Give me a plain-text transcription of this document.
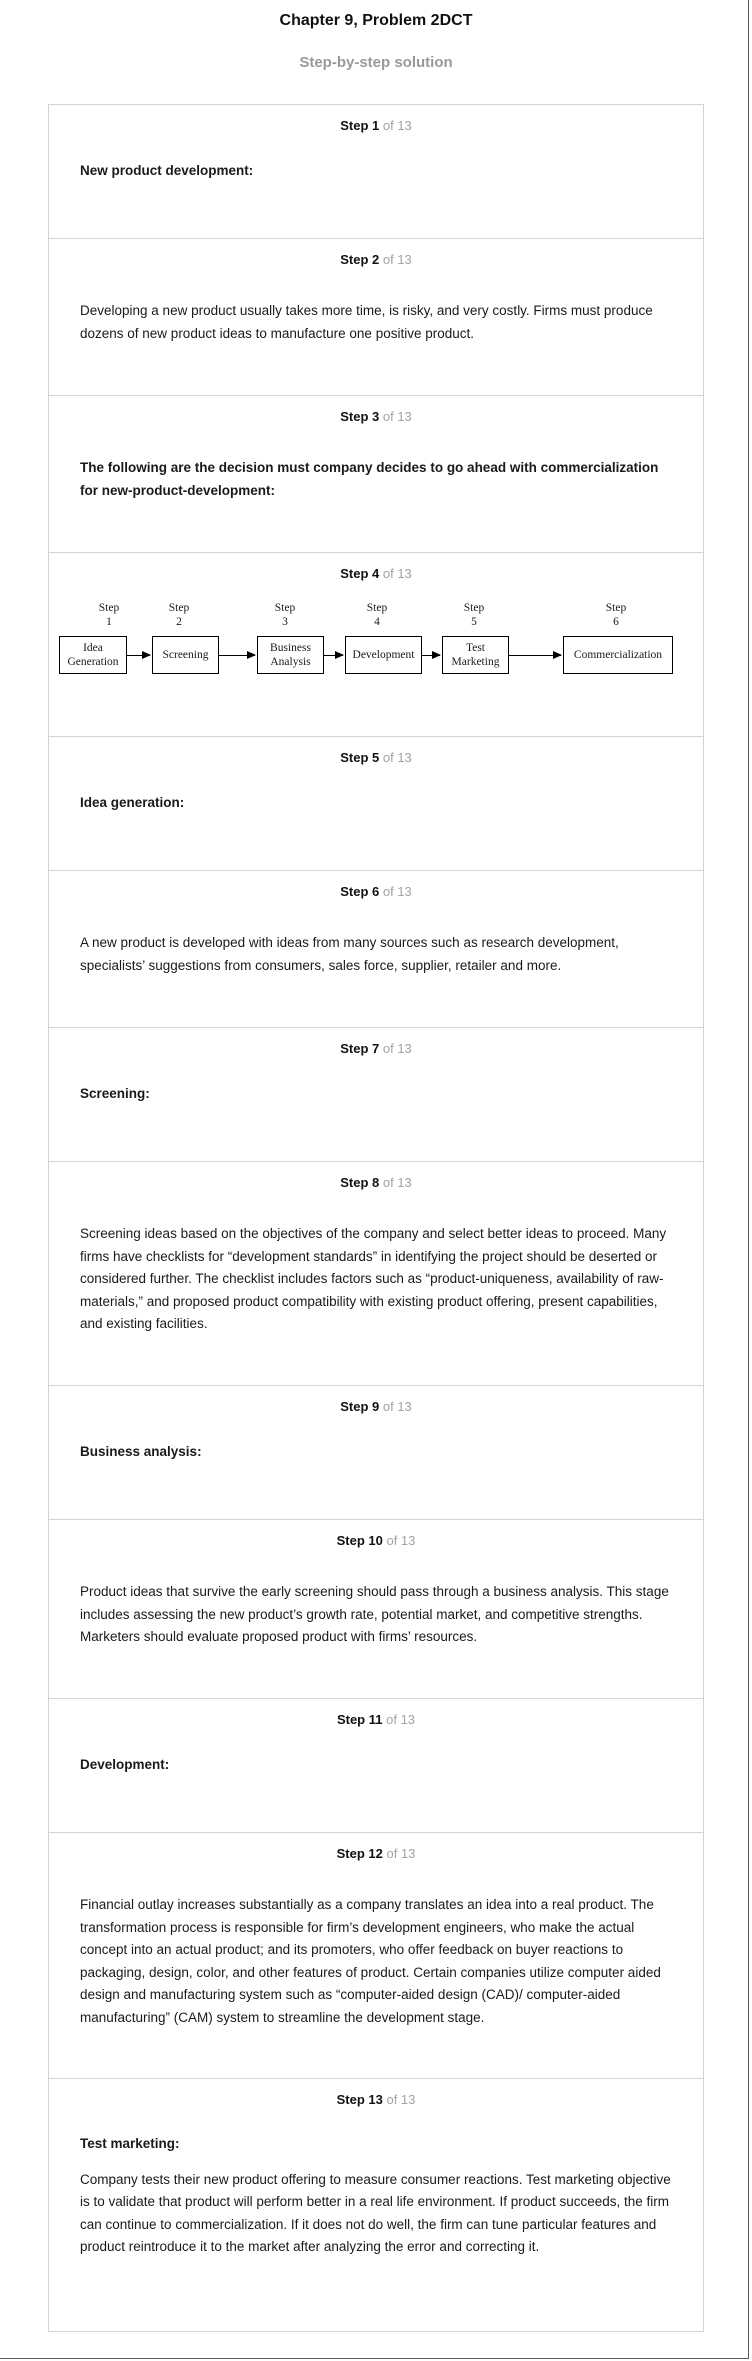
Chapter 9, Problem 2DCT
Step-by-step solution
Step 1 of 13
New product development:
Step 2 of 13
Developing a new product usually takes more time, is risky, and very costly. Firms must produce dozens of new product ideas to manufacture one positive product.
Step 3 of 13
The following are the decision must company decides to go ahead with commercialization for new-product-development:
Step 4 of 13
Step
1
Step
2
Step
3
Step
4
Step
5
Step
6
Idea
Generation
Screening
Business
Analysis
Development
Test
Marketing
Commercialization
Step 5 of 13
Idea generation:
Step 6 of 13
A new product is developed with ideas from many sources such as research development, specialists’ suggestions from consumers, sales force, supplier, retailer and more.
Step 7 of 13
Screening:
Step 8 of 13
Screening ideas based on the objectives of the company and select better ideas to proceed. Many firms have checklists for “development standards” in identifying the project should be deserted or considered further. The checklist includes factors such as “product-uniqueness, availability of raw- materials,” and proposed product compatibility with existing product offering, present capabilities, and existing facilities.
Step 9 of 13
Business analysis:
Step 10 of 13
Product ideas that survive the early screening should pass through a business analysis. This stage includes assessing the new product’s growth rate, potential market, and competitive strengths. Marketers should evaluate proposed product with firms’ resources.
Step 11 of 13
Development:
Step 12 of 13
Financial outlay increases substantially as a company translates an idea into a real product. The transformation process is responsible for firm’s development engineers, who make the actual concept into an actual product; and its promoters, who offer feedback on buyer reactions to packaging, design, color, and other features of product. Certain companies utilize computer aided design and manufacturing system such as “computer-aided design (CAD)/ computer-aided manufacturing” (CAM) system to streamline the development stage.
Step 13 of 13

Test marketing:

Company tests their new product offering to measure consumer reactions. Test marketing objective is to validate that product will perform better in a real life environment. If product succeeds, the firm can continue to commercialization. If it does not do well, the firm can tune particular features and product reintroduce it to the market after analyzing the error and correcting it.
